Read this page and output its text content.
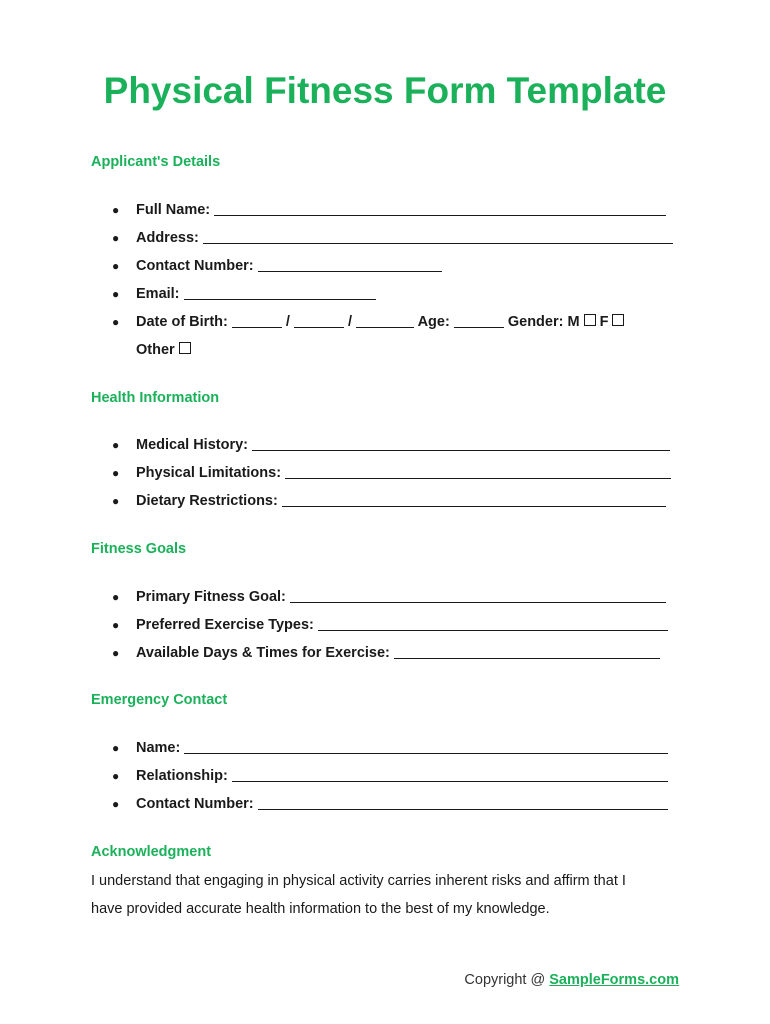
Physical Fitness Form Template
Applicant's Details
● Full Name:
● Address:
● Contact Number:
● Email:
● Date of Birth:	/	/	Age:	Gender: M F
Other
Health Information
● Medical History:
● Physical Limitations:
● Dietary Restrictions:
Fitness Goals
● Primary Fitness Goal:
● Preferred Exercise Types:
● Available Days & Times for Exercise:
Emergency Contact
● Name:
● Relationship:
● Contact Number:
Acknowledgment
I understand that engaging in physical activity carries inherent risks and affirm that I
have provided accurate health information to the best of my knowledge.
Copyright @ SampleForms.com
